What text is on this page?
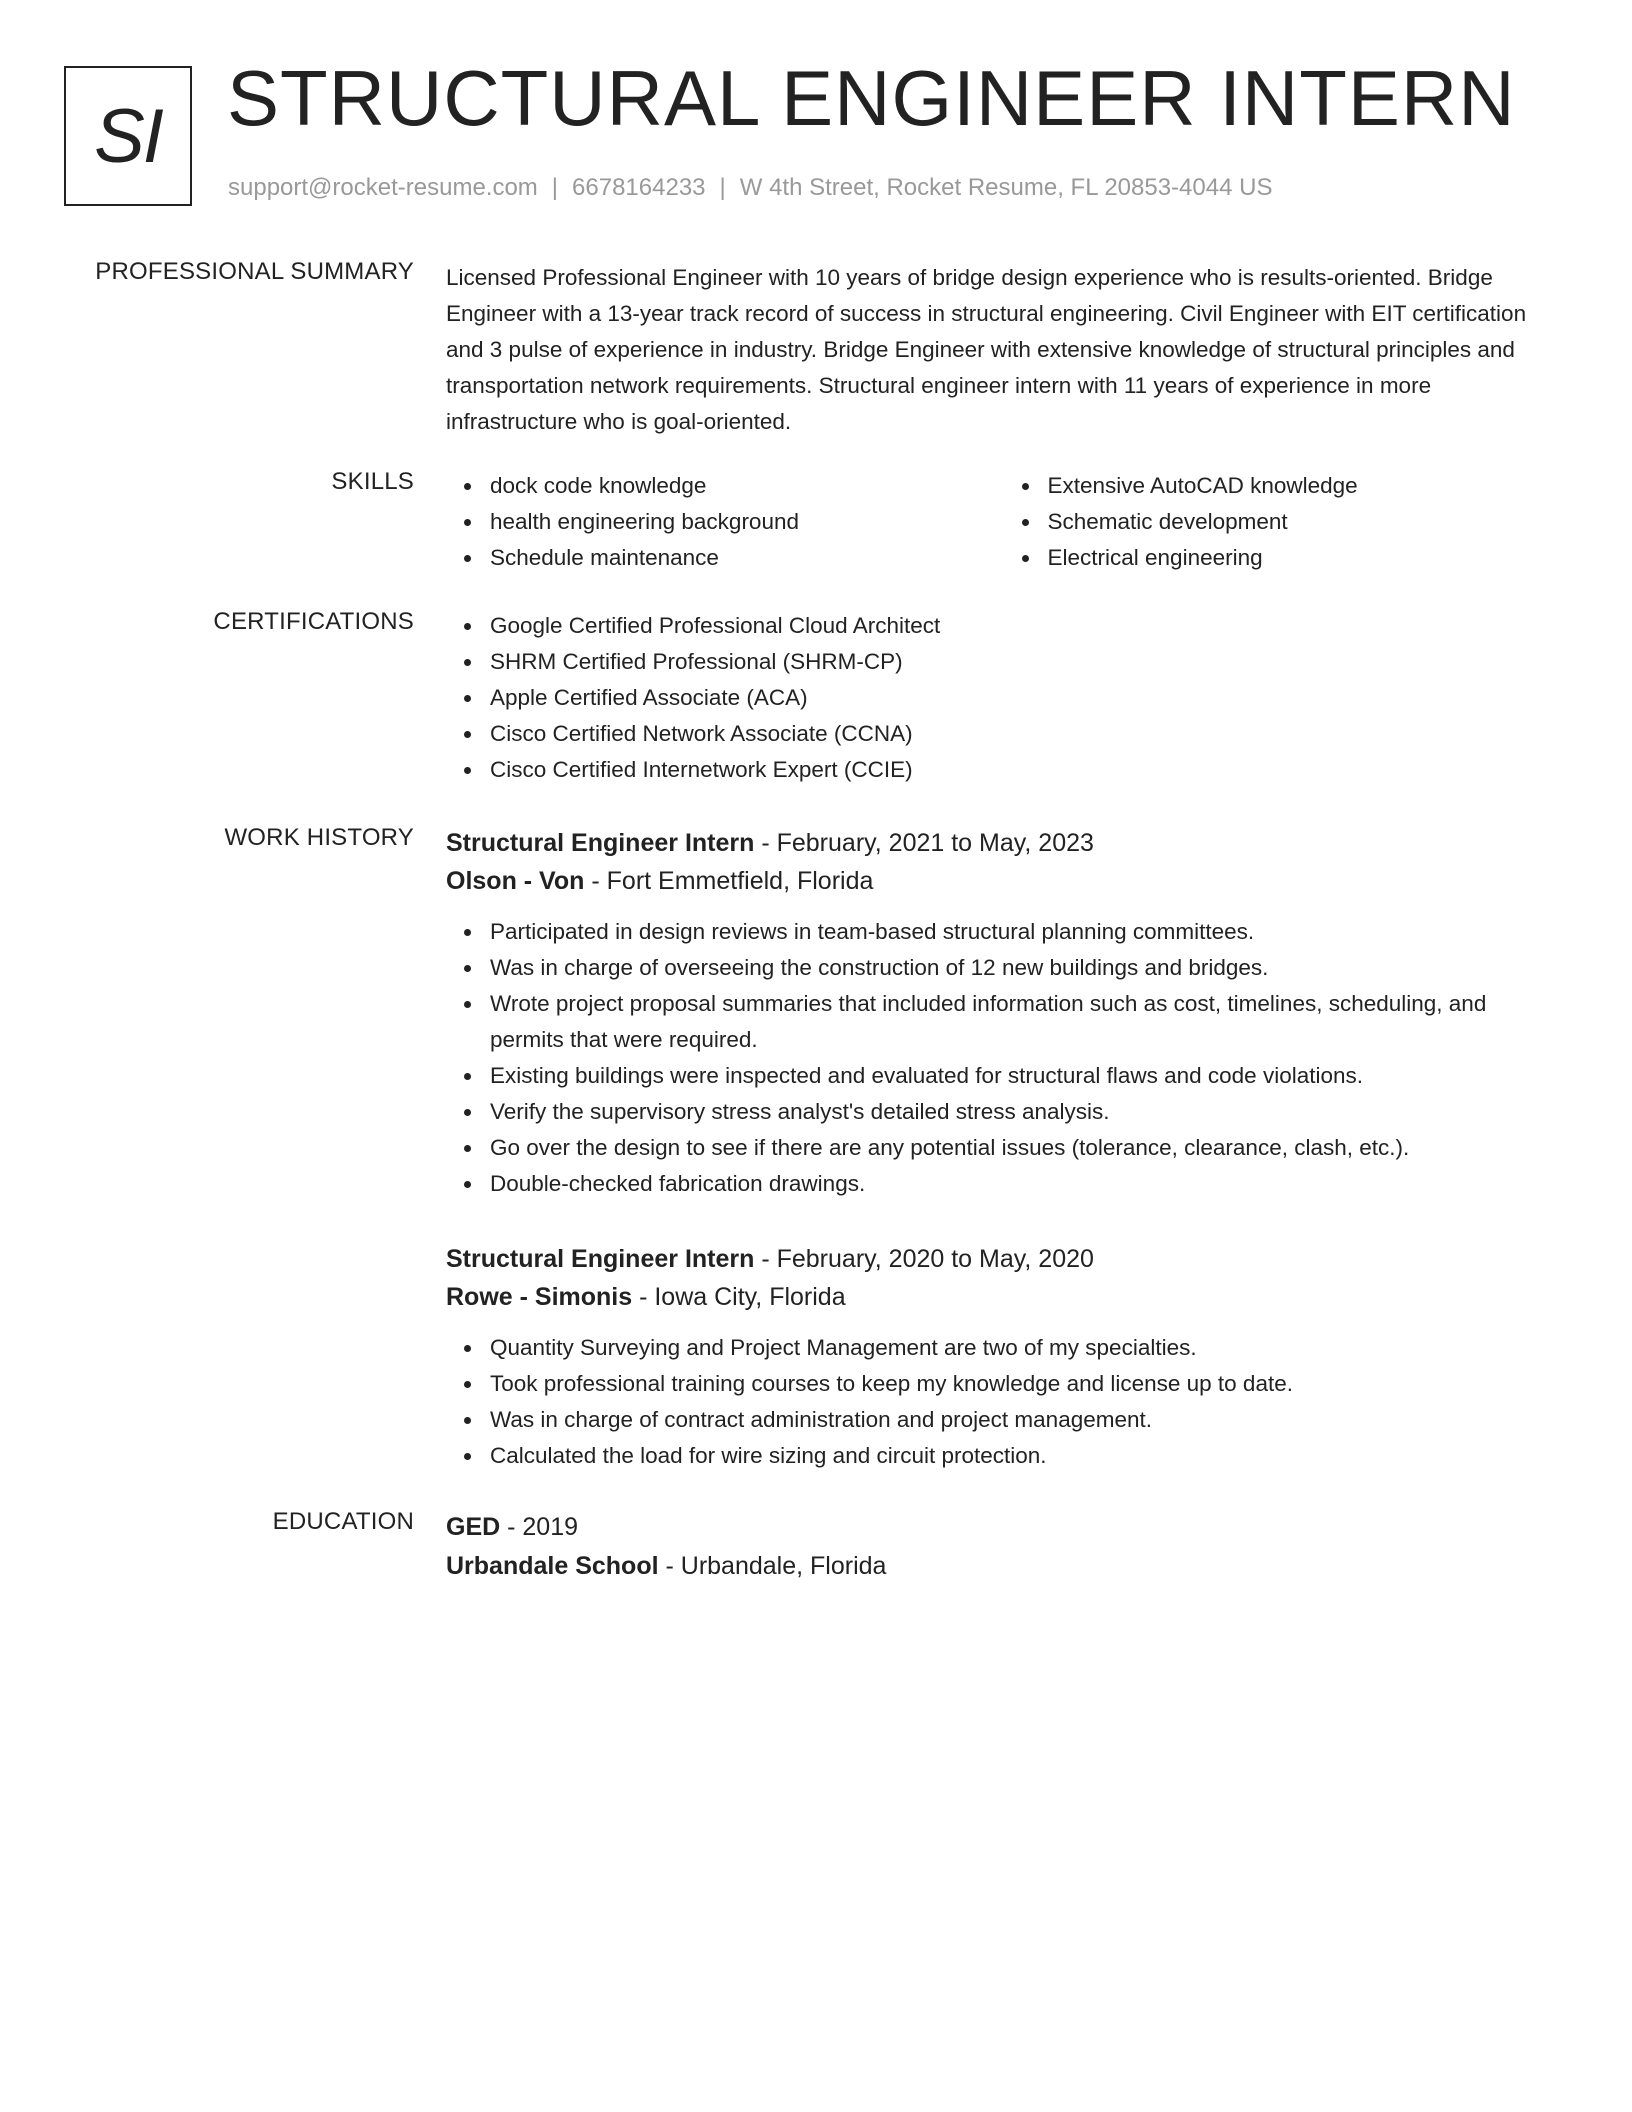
SI STRUCTURAL ENGINEER INTERN
support@rocket-resume.com | 6678164233 | W 4th Street, Rocket Resume, FL 20853-4044 US
PROFESSIONAL SUMMARY Licensed Professional Engineer with 10 years of bridge design experience who is results-oriented. Bridge Engineer with a 13-year track record of success in structural engineering. Civil Engineer with EIT certification and 3 pulse of experience in industry. Bridge Engineer with extensive knowledge of structural principles and transportation network requirements. Structural engineer intern with 11 years of experience in more infrastructure who is goal-oriented.
SKILLS	dock code knowledge
health engineering background
Schedule maintenance
Extensive AutoCAD knowledge
Schematic development
Electrical engineering
CERTIFICATIONS	Google Certified Professional Cloud Architect
SHRM Certified Professional (SHRM-CP)
Apple Certified Associate (ACA)
Cisco Certified Network Associate (CCNA)
Cisco Certified Internetwork Expert (CCIE)
WORK HISTORY Structural Engineer Intern - February, 2021 to May, 2023
Olson - Von - Fort Emmetfield, Florida
Participated in design reviews in team-based structural planning committees.
Was in charge of overseeing the construction of 12 new buildings and bridges.
Wrote project proposal summaries that included information such as cost, timelines, scheduling, and permits that were required.
Existing buildings were inspected and evaluated for structural flaws and code violations.
Verify the supervisory stress analyst's detailed stress analysis.
Go over the design to see if there are any potential issues (tolerance, clearance, clash, etc.).
Double-checked fabrication drawings.
Structural Engineer Intern - February, 2020 to May, 2020
Rowe - Simonis - Iowa City, Florida
Quantity Surveying and Project Management are two of my specialties.
Took professional training courses to keep my knowledge and license up to date.
Was in charge of contract administration and project management.
Calculated the load for wire sizing and circuit protection.
EDUCATION GED - 2019
Urbandale School - Urbandale, Florida
